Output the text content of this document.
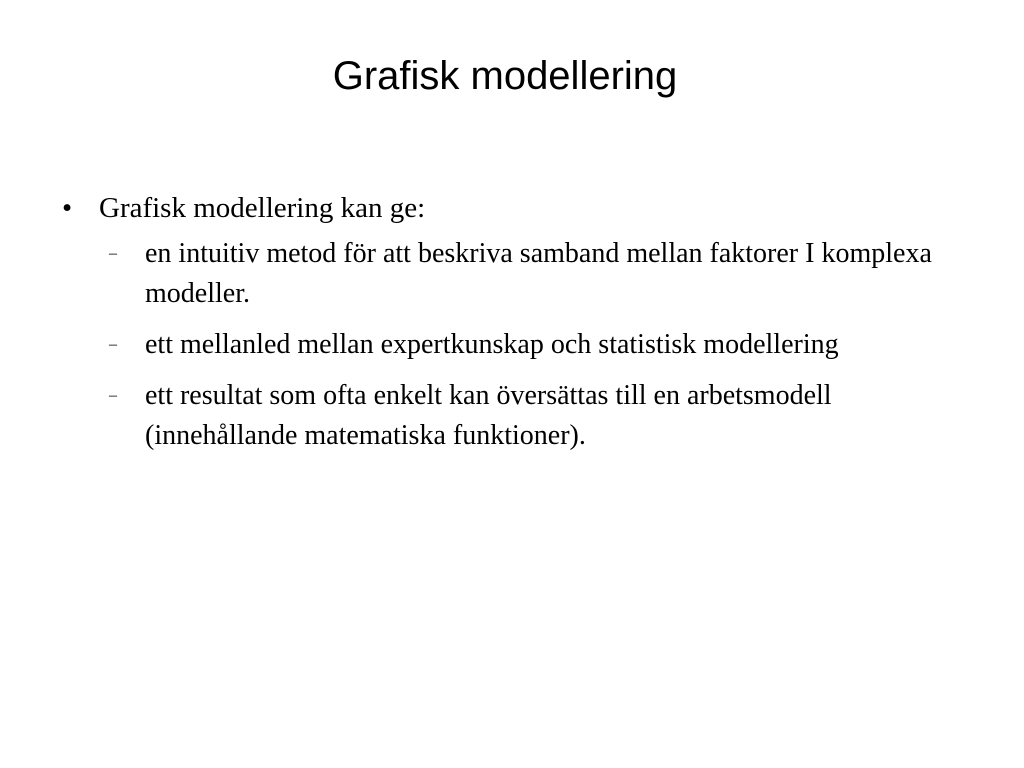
Grafisk modellering
• Grafisk modellering kan ge:
– en intuitiv metod för att beskriva samband mellan faktorer I komplexa modeller.
– ett mellanled mellan expertkunskap och statistisk modellering
– ett resultat som ofta enkelt kan översättas till en arbetsmodell (innehållande matematiska funktioner).
